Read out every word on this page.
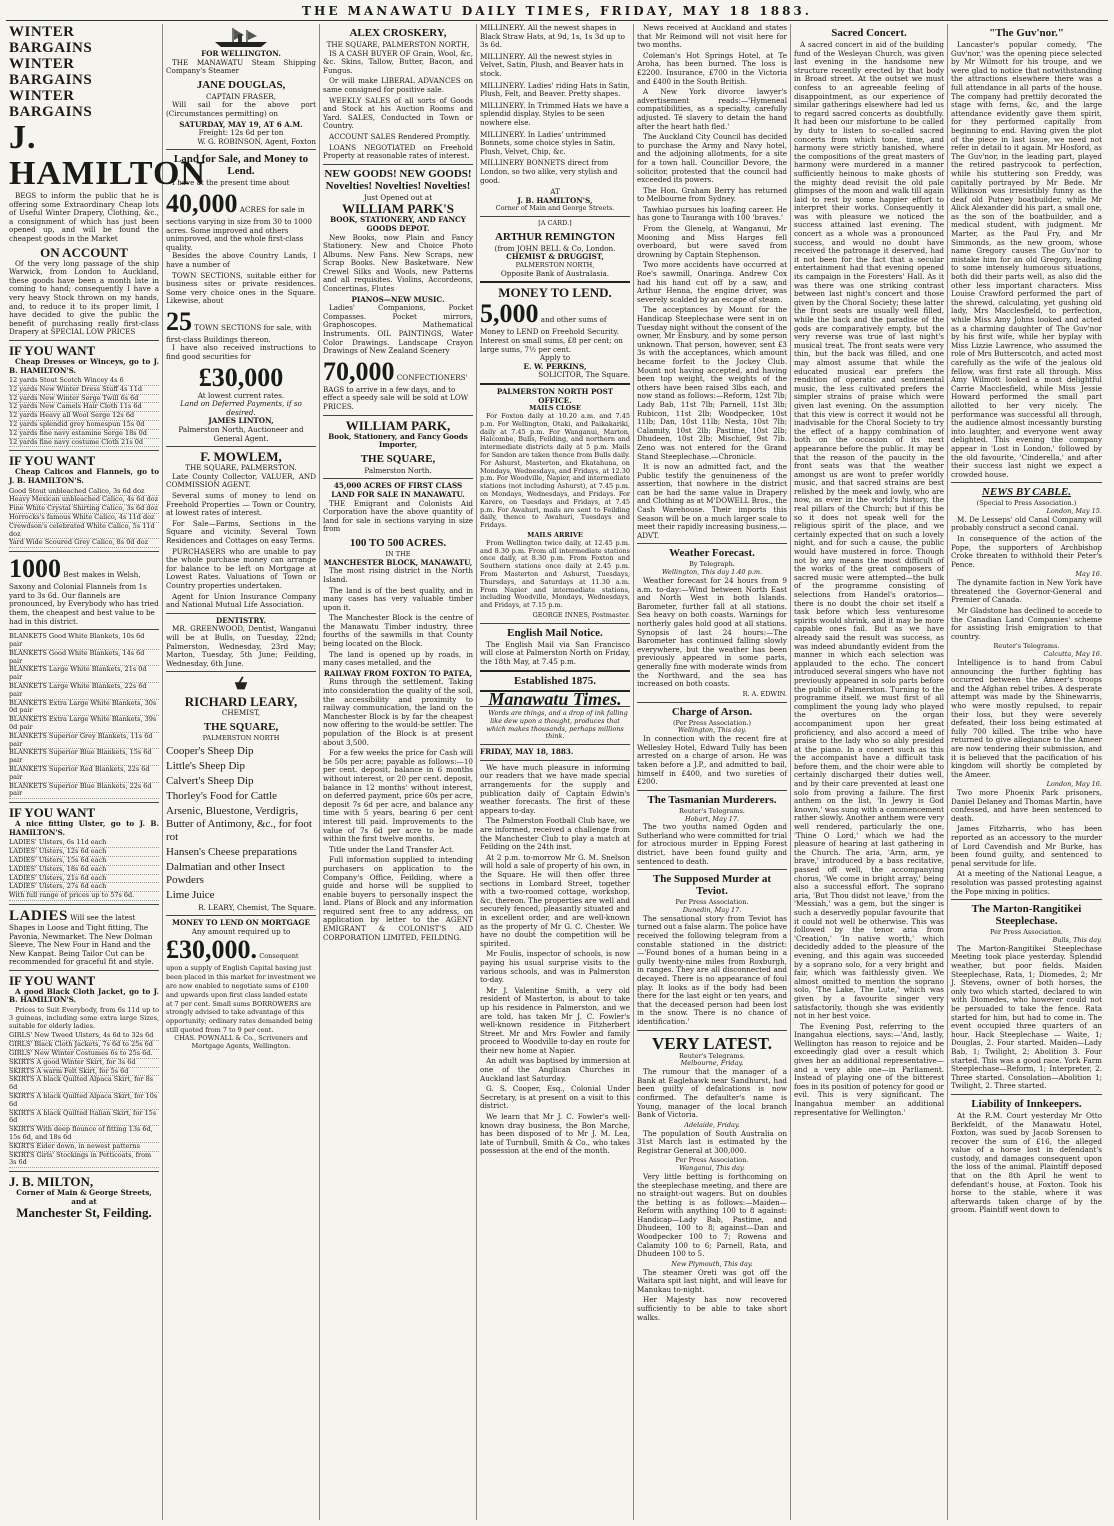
THE MANAWATU DAILY TIMES, FRIDAY, MAY 18 1883.
WINTER BARGAINS
WINTER BARGAINS
WINTER BARGAINS
J. HAMILTON

BEGS to inform the public that he is offering some Extraordinary Cheap lots of Useful Winter Drapery, Clothing, &c., a consignment of which has just been opened up, and will be found the cheapest goods in the Market

ON ACCOUNT

Of the very long passage of the ship Warwick, from London to Auckland, these goods have been a month late in coming to hand; consequently I have a very heavy Stock thrown on my hands, and, to reduce it to its proper limit, I have decided to give the public the benefit of purchasing really first-class Drapery at SPECIAL LOW PRICES

IF YOU WANT

Cheap Dresses or Winceys, go to J. B. HAMILTON'S.

12 yards Stout Scotch Wincey 4s 6
12 yards New Winter Dress Stuff 4s 11d
12 yards New Winter Serge Twill 6s 6d
12 yards New Camels Hair Cloth 11s 6d
12 yards Heavy all Wool Serge 12s 6d
12 yards splendid grey homespun 15s 0d
12 yards fine navy estamine Serge 18s 0d
12 yards fine navy costume Cloth 21s 0d
IF YOU WANT

Cheap Calicos and Flannels, go to J. B. HAMILTON'S.

Good Stout unbleached Calico, 3s 6d doz
Heavy Mexican unbleached Calico, 4s 6d doz
Fine White Crystal Shirting Calico, 3s 6d doz
Horrocks's famous White Calico, 4s 11d doz
Crewdson's celebrated White Calico, 5s 11d doz
Yard Wide Scoured Grey Calico, 8s 0d doz
1000 Best makes in Welsh, Saxony and Colonial Flannels from 1s yard to 3s 6d. Our flannels are pronounced, by Everybody who has tried them, the cheapest and best value to be had in this district.
BLANKETS Good White Blankets, 10s 6d pair
BLANKETS Good White Blankets, 14s 6d pair
BLANKETS Large White Blankets, 21s 0d pair
BLANKETS Large White Blankets, 22s 6d pair
BLANKETS Extra Large White Blankets, 30s 0d pair
BLANKETS Extra Large White Blankets, 39s 0d pair
BLANKETS Superior Grey Blankets, 11s 6d pair
BLANKETS Superior Blue Blankets, 15s 6d pair
BLANKETS Superior Red Blankets, 22s 6d pair
BLANKETS Superior Blue Blankets, 22s 6d pair
IF YOU WANT

A nice fitting Ulster, go to J. B. HAMILTON'S.

LADIES' Ulsters, 6s 11d each
LADIES' Ulsters, 12s 6d each
LADIES' Ulsters, 15s 6d each
LADIES' Ulsters, 18s 6d each
LADIES' Ulsters, 21s 6d each
LADIES' Ulsters, 27s 6d each
With full range of prices up to 57s 6d.
LADIES Will see the latest Shapes in Loose and Tight fitting, The Pavonia, Newmarket. The New Dolman Sleeve, The New Four in Hand and the New Kanpat. Being Tailor Cut can be recommended for graceful fit and style.
IF YOU WANT

A good Black Cloth Jacket, go to J. B. HAMILTON'S.

Prices to Suit Everybody, from 6s 11d up to 3 guineas, including some extra large Sizes, suitable for elderly ladies.

GIRLS' New Tweed Ulsters, 4s 6d to 32s 6d
GIRLS' Black Cloth Jackets, 7s 6d to 25s 6d
GIRLS' New Winter Costumes 6s to 25s 6d.
SKIRTS A good Winter Skirt, for 3s 6d
SKIRTS A warm Felt Skirt, for 5s 6d
SKIRTS A black Quilted Alpaca Skirt, for 8s 6d
SKIRTS A black Quilted Alpaca Skirt, for 10s 6d
SKIRTS A black Quilted Italian Skirt, for 15s 6d
SKIRTS With deep flounce of fitting 13s 6d, 15s 6d, and 18s 6d
SKIRTS Eider down, in newest patterns
SKIRTS Girls' Stockings in Petticoats, from 3s 6d
J. B. MILTON,
Corner of Main & George Streets, and at
Manchester St, Feilding.
FOR WELLINGTON.

THE MANAWATU Steam Shipping Company's Steamer

JANE DOUGLAS,
CAPTAIN FRASER,

Will sail for the above port (Circumstances permitting) on

SATURDAY, MAY 19, AT 6 A.M.
Freight: 12s 6d per ton
W. G. ROBINSON, Agent, Foxton
Land for Sale, and Money to Lend.

I have at the present time about

40,000 ACRES for sale in sections varying in size from 30 to 1000 acres. Some improved and others unimproved, and the whole first-class quality.

Besides the above Country Lands, I have a number of

TOWN SECTIONS, suitable either for business sites or private residences. Some very choice ones in the Square. Likewise, about

25 TOWN SECTIONS for sale, with first-class Buildings thereon.

I have also received instructions to find good securities for

£30,000
At lowest current rates.
Land on Deferred Payments, if so desired.
JAMES LINTON,
Palmerston North, Auctioneer and General Agent.
F. MOWLEM,
THE SQUARE, PALMERSTON.

Late County Collector, VALUER, AND COMMISSION AGENT.

Several sums of money to lend on Freehold Properties — Town or Country, at lowest rates of interest.

For Sale—Farms, Sections in the Square and vicinity. Several Town Residences and Cottages on easy Terms.

PURCHASERS who are unable to pay the whole purchase money can arrange for balance to be left on Mortgage at Lowest Rates. Valuations of Town or Country properties undertaken.

Agent for Union Insurance Company and National Mutual Life Association.

DENTISTRY.

MR. GREENWOOD, Dentist, Wanganui will be at Bulls, on Tuesday, 22nd; Palmerston, Wednesday, 23rd May; Marton, Tuesday, 5th June; Feilding, Wednesday, 6th June.

RICHARD LEARY,
CHEMIST,
THE SQUARE,
PALMERSTON NORTH
Cooper's Sheep Dip
Little's Sheep Dip
Calvert's Sheep Dip
Thorley's Food for Cattle
Arsenic, Bluestone, Verdigris, Butter of Antimony, &c., for foot rot
Hansen's Cheese preparations
Dalmatian and other Insect Powders
Lime Juice
R. LEARY, Chemist, The Square.
MONEY TO LEND ON MORTGAGE
Any amount required up to
£30,000. Consequent upon a supply of English Capital having just been placed in this market for investment we are now enabled to negotiate sums of £100 and upwards upon first class landed estate at 7 per cent. Small sums BORROWERS are strongly advised to take advantage of this opportunity; ordinary rates demanded being still quoted from 7 to 9 per cent.
CHAS. POWNALL & Co., Scriveners and Mortgage Agents, Wellington.
ALEX CROSKERY,
THE SQUARE, PALMERSTON NORTH,

IS A CASH BUYER OF Grain, Wool, &c, &c. Skins, Tallow, Butter, Bacon, and Fungus.

Or will make LIBERAL ADVANCES on same consigned for positive sale.

WEEKLY SALES of all sorts of Goods and Stock at his Auction Rooms and Yard. SALES, Conducted in Town or Country.

ACCOUNT SALES Rendered Promptly.

LOANS NEGOTIATED on Freehold Property at reasonable rates of interest.

NEW GOODS! NEW GOODS! Novelties! Novelties! Novelties!
Just Opened out at
WILLIAM PARK'S
BOOK, STATIONERY, AND FANCY GOODS DEPOT.

New Books, now Plain and Fancy Stationery. New and Choice Photo Albums. New Fans. New Scraps, new Scrap Books. New Basketware. New Crewel Silks and Wools, new Patterns and all requisites. Violins, Accordeons, Concertinas, Flutes

PIANOS—NEW MUSIC.

Ladies' Companions, Pocket Compasses. Pocket mirrors, Graphoscopes. Mathematical Instruments. OIL PAINTINGS, Water Color Drawings. Landscape Crayon Drawings of New Zealand Scenery

70,000 CONFECTIONERS' BAGS to arrive in a few days, and to effect a speedy sale will be sold at LOW PRICES.
WILLIAM PARK,
Book, Stationery, and Fancy Goods Importer,
THE SQUARE,
Palmerston North.
45,000 ACRES OF FIRST CLASS LAND FOR SALE IN MANAWATU.

THE Emigrant and Colonists Aid Corporation have the above quantity of land for sale in sections varying in size from

100 TO 500 ACRES.
IN THE
MANCHESTER BLOCK, MANAWATU,

The most rising district in the North Island.

The land is of the best quality, and in many cases has very valuable timber upon it.

The Manchester Block is the centre of the Manawatu Timber industry, three fourths of the sawmills in that County being located on the Block.

The land is opened up by roads, in many cases metalled, and the

RAILWAY FROM FOXTON TO PATEA,

Runs through the settlement. Taking into consideration the quality of the soil, the accessibility and proximity to railway communication, the land on the Manchester Block is by far the cheapest now offering to the would-be settler. The population of the Block is at present about 3,500.

For a few weeks the price for Cash will be 50s per acre; payable as follows:—10 per cent. deposit, balance in 6 months without interest, or 20 per cent. deposit, balance in 12 months' without interest, on deferred payment, price 60s per acre, deposit 7s 6d per acre, and balance any time with 5 years, bearing 6 per cent interest till paid. Improvements to the value of 7s 6d per acre to be made within the first twelve months.

Title under the Land Transfer Act.

Full information supplied to intending purchasers on application to the Company's Office, Feilding, where a guide and horse will be supplied to enable buyers to personally inspect the land. Plans of Block and any information required sent free to any address, on application by letter to the AGENT EMIGRANT & COLONIST'S AID CORPORATION LIMITED, FEILDING.

MILLINERY. All the newest shapes in Black Straw Hats, at 9d, 1s, 1s 3d up to 3s 6d.
MILLINERY. All the newest styles in Velvet, Satin, Plush, and Beaver hats in stock.
MILLINERY. Ladies' riding Hats in Satin, Plush, Felt, and Beaver. Pretty shapes.
MILLINERY. In Trimmed Hats we have a splendid display. Styles to be seen nowhere else.
MILLINERY. In Ladies' untrimmed Bonnets, some choice styles in Satin, Plush, Velvet, Chip, &c.
MILLINERY BONNETS direct from London, so two alike, very stylish and good.
AT
J. B. HAMILTON'S,
Corner of Main and George Streets.
[A CARD.]
ARTHUR REMINGTON
(from JOHN BELL & Co, London.
CHEMIST & DRUGGIST,
PALMERSTON NORTH,
Opposite Bank of Australasia.
MONEY TO LEND.
5,000 and other sums of Money to LEND on Freehold Security. Interest on small sums, £8 per cent; on large sums, 7½ per cent.
Apply to
E. W. PERKINS,
SOLICITOR, The Square.
PALMERSTON NORTH POST OFFICE.
MAILS CLOSE

For Foxton daily at 10.20 a.m. and 7.45 p.m. For Wellington, Otaki, and Paikakariki, daily at 7.45 p.m. For Wanganui, Marton, Halcombe, Bulls, Feilding, and northern and intermediate districts daily at 5 p.m. Mails for Sandon are taken thence from Bulls daily. For Ashurst, Masterton, and Ekatahuna, on Mondays, Wednesdays, and Fridays, at 12.30 p.m. For Woodville, Napier, and intermediate stations (not including Ashurst), at 7.45 p.m. on Mondays, Wednesdays, and Fridays. For Karere, on Tuesdays and Fridays, at 7.45 p.m. For Awahuri, mails are sent to Feilding daily, thence to Awahuri, Tuesdays and Fridays.

MAILS ARRIVE

From Wellington twice daily, at 12.45 p.m. and 8.30 p.m. From all intermediate stations once daily, at 8.30 p.m. From Foxton and Southern stations once daily at 2.45 p.m. From Masterton and Ashurst, Tuesdays, Thursdays, and Saturdays at 11.30 a.m. From Napier and intermediate stations, including Woodville, Mondays, Wednesdays, and Fridays, at 7.15 p.m.

GEORGE INNES, Postmaster.
English Mail Notice.

The English Mail via San Francisco will close at Palmerston North on Friday, the 18th May, at 7.45 p.m.

Established 1875.
Manawatu Times.

Words are things, and a drop of ink falling like dew upon a thought, produces that which makes thousands, perhaps millions think.

FRIDAY, MAY 18, 1883.

We have much pleasure in informing our readers that we have made special arrangements for the supply and publication daily of Captain Edwin's weather forecasts. The first of these appears to-day.

The Palmerston Football Club have, we are informed, received a challenge from the Manchester Club to play a match at Feilding on the 24th inst.

At 2 p.m. to-morrow Mr G. M. Snelson will hold a sale of property of his own, in the Square. He will then offer three sections in Lombard Street, together with a two-roomed cottage, workshop, &c, thereon. The properties are well and securely fenced, pleasantly situated and in excellent order, and are well-known as the property of Mr G. C. Chester. We have no doubt the competition will be spirited.

Mr Foulis, inspector of schools, is now paying his usual surprise visits to the various schools, and was in Palmerston to-day.

Mr J. Valentine Smith, a very old resident of Masterton, is about to take up his residence in Palmerston, and we are told, has taken Mr J. C. Fowler's well-known residence in Fitzherbert Street. Mr and Mrs Fowler and family proceed to Woodville to-day en route for their new home at Napier.

An adult was baptised by immersion at one of the Anglican Churches in Auckland last Saturday.

G. S. Cooper, Esq., Colonial Under Secretary, is at present on a visit to this district.

We learn that Mr J. C. Fowler's well-known dray business, the Bon Marche, has been disposed of to Mr J. M. Lea, late of Turnbull, Smith & Co., who takes possession at the end of the month.

News received at Auckland and states that Mr Reimond will not visit here for two months.

Coleman's Hot Springs Hotel, at Te Aroha, has been burned. The loss is £2200. Insurance, £700 in the Victoria and £400 in the South British.

A New York divorce lawyer's advertisement reads:—'Hymeneal compatibilities, as a specialty, carefully adjusted. Té slavery to detain the hand after the heart hath fled.'

The Auckland City Council has decided to purchase the Army and Navy hotel, and the adjoining allotments, for a site for a town hall. Councillor Devore, the solicitor, protested that the council had exceeded its powers.

The Hon. Graham Berry has returned to Melbourne from Sydney.

Tawhiao pursues his loafing career. He has gone to Tauranga with 100 'braves.'

From the Glenelg, at Wanganui, Mr Mooning and Miss Harges fell overboard, but were saved from drowning by Captain Stephenson.

Two more accidents have occurred at Roe's sawmill, Onaringa. Andrew Cox had his hand cut off by a saw, and Arthur Henna, the engine driver, was severely scalded by an escape of steam.

The acceptances by Mount for the Handicap Steeplechase were sent in on Tuesday night without the consent of the owner, Mr Ensbury, and by some person unknown. That person, however, sent £3 3s with the acceptances, which amount became forfeit to the Jockey Club. Mount not having accepted, and having been top weight, the weights of the others have been raised 3lbs each, and now stand as follows:—Reform, 12st 7lb; Lady Bab, 11st 7lb; Parnell, 11st 3lb; Rubicon, 11st 2lb; Woodpecker, 10st 11lb; Dan, 10st 11lb; Nesta, 10st 7lb; Calamity, 10st 2lb; Pastime, 10st 2lb; Dhudeen, 10st 2lb; Mischief, 9st 7lb. Zeno was not entered for the Grand Stand Steeplechase.—Chronicle.

It is now an admitted fact, and the Public testify the genuineness of the assertion, that nowhere in the district can be had the same value in Drapery and Clothing as at M'DOWELL Bros., the Cash Warehouse. Their imports this Season will be on a much larger scale to meet their rapidly increasing business.—ADVT.

Weather Forecast.
By Telegraph.
Wellington, This day 1.40 p.m.

Weather forecast for 24 hours from 9 a.m. to-day:—Wind between North East and North West in both Islands. Barometer, further fall at all stations. Sea heavy on both coasts. Warnings for northerly gales hold good at all stations. Synopsis of last 24 hours:—The Barometer has continued falling slowly everywhere, but the weather has been previously appeared in some parts, generally fine with moderate winds from the Northward, and the sea has increased on both coasts.

R. A. EDWIN.
Charge of Arson.
(Per Press Association.)
Wellington, This day.

In connection with the recent fire at Wellesley Hotel, Edward Tully has been arrested on a charge of arson. He was taken before a J.P., and admitted to bail, himself in £400, and two sureties of £200.

The Tasmanian Murderers.
Reuter's Telegrams.
Hobart, May 17.

The two youths named Ogden and Sutherland who were committed for trial for atrocious murder in Epping Forest district, have been found guilty and sentenced to death.

The Supposed Murder at Teviot.
Per Press Association.
Dunedin, May 17.

The sensational story from Teviot has turned out a false alarm. The police have received the following telegram from a constable stationed in the district:—'Found bones of a human being in a gully twenty-nine miles from Roxburgh, in ranges. They are all disconnected and decayed. There is no appearance of foul play. It looks as if the body had been there for the last eight or ten years, and that the deceased person had been lost in the snow. There is no chance of identification.'

VERY LATEST.
Reuter's Telegrams.
Melbourne, Friday.

The rumour that the manager of a Bank at Eaglehawk near Sandhurst, had been guilty of defalcations is now confirmed. The defaulter's name is Young, manager of the local branch Bank of Victoria.

Adelaide, Friday.

The population of South Australia on 31st March last is estimated by the Registrar General at 300,000.

Per Press Association.
Wanganui, This day.

Very little betting is forthcoming on the steeplechase meeting, and there are no straight-out wagers. But on doubles the betting is as follows:—Maiden—Reform with anything 100 to 8 against: Handicap—Lady Bab, Pastime, and Dhudeen, 100 to 8; against—Dan and Woodpecker 100 to 7; Rowena and Calamity 100 to 6; Parnell, Rata, and Dhudeen 100 to 5.

New Plymouth, This day.

The steamer Oreti was got off the Waitara spit last night, and will leave for Manukau to-night.

Her Majesty has now recovered sufficiently to be able to take short walks.

Sacred Concert.

A sacred concert in aid of the building fund of the Wesleyan Church, was given last evening in the handsome new structure recently erected by that body in Broad street. At the outset we must confess to an agreeable feeling of disappointment, as our experience of similar gatherings elsewhere had led us to regard sacred concerts as doubtfully. It had been our misfortune to be called by duty to listen to so-called sacred concerts from which tone, time, and harmony were strictly banished, where the compositions of the great masters of harmony were murdered in a manner sufficiently heinous to make ghosts of the mighty dead revisit the old pale glimpses of the moon and walk till again laid to rest by some happier effort to interpret their works. Consequently it was with pleasure we noticed the success attained last evening. The concert as a whole was a pronounced success, and would no doubt have received the patronage it deserved, had it not been for the fact that a secular entertainment had that evening opened its campaign in the Foresters' Hall. As it was there was one striking contrast between last night's concert and those given by the Choral Society; these latter the front seats are usually well filled, while the back and the paradise of the gods are comparatively empty, but the very reverse was true of last night's musical treat. The front seats were very thin, but the back was filled, and one may almost assume that while the educated musical ear prefers the rendition of operatic and sentimental music, the less cultivated prefers the simpler strains of praise which were given last evening. On the assumption that this view is correct it would not be inadvisable for the Choral Society to try the effect of a happy combination of both on the occasion of its next appearance before the public. It may be that the reason of the paucity in the front seats was that the weather amongst us are wont to prefer worldly music, and that sacred strains are best relished by the meek and lowly, who are now, as ever in the world's history, the real pillars of the Church; but if this be so it does not speak well for the religious spirit of the place, and we certainly expected that on such a lovely night, and for such a cause, the public would have mustered in force. Though not by any means the most difficult of the works of the great composers of sacred music were attempted—the bulk of the programme consisting of selections from Handel's oratorios—there is no doubt the choir set itself a task before which less venturesome spirits would shrink, and it may be more capable ones fail. But as we have already said the result was success, as was indeed abundantly evident from the manner in which each selection was applauded to the echo. The concert introduced several singers who have not previously appeared in solo parts before the public of Palmerston. Turning to the programme itself, we must first of all compliment the young lady who played the overtures on the organ accompaniment upon her great proficiency, and also accord a meed of praise to the lady who so ably presided at the piano. In a concert such as this the accompanist have a difficult task before them, and the choir were able to certainly discharged their duties well, and by their care prevented at least one solo from proving a failure. The first anthem on the list, 'In Jewry is God known,' was sung with a commencement rather slowly. Another anthem were very well rendered, particularly the one, 'Thine O Lord,' which we had the pleasure of hearing at last gathering in the Church. The aria, 'Arm, arm, ye brave,' introduced by a bass recitative, passed off well, the accompanying chorus, 'We come in bright array,' being also a successful effort. The soprano aria, 'But Thou didst not leave,' from the 'Messiah,' was a gem, but the singer is such a deservedly popular favourite that it could not well be otherwise. This was followed by the tenor aria from 'Creation,' 'In native worth,' which decidedly added to the pleasure of the evening, and this again was succeeded by a soprano solo, for a very bright and fair, which was faithlessly given. We almost omitted to mention the soprano solo, 'The Lake, The Lute,' which was given by a favourite singer very satisfactorily, though she was evidently not in her best voice.

The Evening Post, referring to the Inangahua elections, says:—'And, lastly, Wellington has reason to rejoice and be exceedingly glad over a result which gives her an additional representative—and a very able one—in Parliament. Instead of playing one of the bitterest foes in its position of potency for good or evil. This is very significant. The Inangahua member an additional representative for Wellington.'

"The Guv'nor."

Lancaster's popular comedy, 'The Guv'nor,' was the opening piece selected by Mr Wilmott for his troupe, and we were glad to notice that notwithstanding the attractions elsewhere there was a full attendance in all parts of the house. The company had prettily decorated the stage with ferns, &c, and the large attendance evidently gave them spirit, for they performed capitally from beginning to end. Having given the plot of the piece in last issue, we need not refer in detail to it again. Mr Hosford, as The Guv'nor, in the leading part, played the retired pastrycook to perfection, while his stuttering son Freddy, was capitally portrayed by Mr Bede. Mr Wilkinson was irresistibly funny as the deaf old Putney boatbuilder, while Mr Alick Alexander did his part, a small one, as the son of the boatbuilder, and a medical student, with judgment. Mr Marter, as the Paul Fry, and Mr Simmonds, as the new groom, whose name Gregory causes The Guv'nor to mistake him for an old Gregory, leading to some intensely humorous situations, both did their parts well, as also did the other less important characters. Miss Louise Crawford performed the part of the shrewd, calculating, yet gushing old lady, Mrs Macclesfield, to perfection, while Miss Amy Johns looked and acted as a charming daughter of The Guv'nor by his first wife, while her byplay with Miss Lizzie Lawrence, who assumed the role of Mrs Butterscotch, and acted most carefully as the wife of the jealous old fellow, was first rate all through. Miss Amy Wilmott looked a most delightful Carrie Macclesfield, while Miss Jessie Howard performed the small part allotted to her very nicely. The performance was successful all through, the audience almost incessantly bursting into laughter, and everyone went away delighted. This evening the company appear in 'Lost in London,' followed by the old favourite, 'Cinderella,' and after their success last night we expect a crowded house.

NEWS BY CABLE.
(Special to Press Association.)
London, May 15.

M. De Lesseps' old Canal Company will probably construct a second canal.

In consequence of the action of the Pope, the supporters of Archbishop Croke threaten to withhold their Peter's Pence.

May 16.

The dynamite faction in New York have threatened the Governor-General and Premier of Canada.

Mr Gladstone has declined to accede to the Canadian Land Companies' scheme for assisting Irish emigration to that country.

Reuter's Telegrams.
Calcutta, May 16.

Intelligence is to hand from Cabul announcing the further fighting has occurred between the Ameer's troops and the Afghan rebel tribes. A desperate attempt was made by the Shinewarris, who were mostly repulsed, to repair their loss, but they were severely defeated, their loss being estimated at fully 700 killed. The tribe who have returned to give allegiance to the Ameer are now tendering their submission, and it is believed that the pacification of his kingdom will shortly be completed by the Ameer.

London, May 16.

Two more Phoenix Park prisoners, Daniel Delaney and Thomas Martin, have confessed, and have been sentenced to death.

James Fitzharris, who has been reported as an accessory to the murder of Lord Cavendish and Mr Burke, has been found guilty, and sentenced to penal servitude for life.

At a meeting of the National League, a resolution was passed protesting against the Pope mixing in politics.

The Marton-Rangitikei Steeplechase.
Per Press Association.
Bulls, This day.

The Marton-Rangitikei Steeplechase Meeting took place yesterday. Splendid weather, but poor fields. Maiden Steeplechase, Rata, 1; Diomedes, 2; Mr J. Stevens, owner of both horses, the only two which started, declared to win with Diomedes, who however could not be persuaded to take the fence. Rata started for him, but had to come in. The event occupied three quarters of an hour. Hack Steeplechase — Waite, 1; Douglas, 2. Four started. Maiden—Lady Bab, 1; Twilight, 2; Abolition 3. Four started. This was a good race. York Farm Steeplechase—Reform, 1; Interpreter, 2. Three started. Consolation—Abolition 1; Twilight, 2. Three started.

Liability of Innkeepers.

At the R.M. Court yesterday Mr Otto Berkfeldt, of the Manawatu Hotel, Foxton, was sued by Jacob Sorensen to recover the sum of £16, the alleged value of a horse lost in defendant's custody, and damages consequent upon the loss of the animal. Plaintiff deposed that on the 8th April he went to defendant's house, at Foxton. Took his horse to the stable, where it was afterwards taken charge of by the groom. Plaintiff went down to
